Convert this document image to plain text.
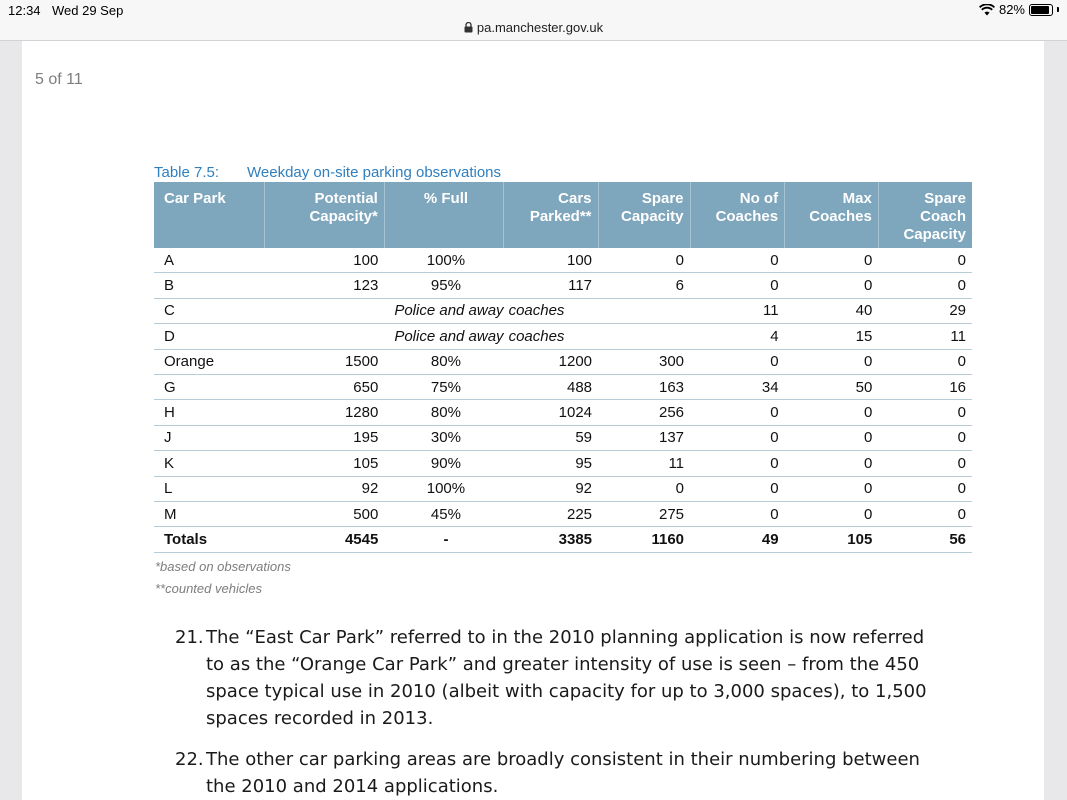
12:34 Wed 29 Sep	82%
pa.manchester.gov.uk
5 of 11
Table 7.5: Weekday on-site parking observations
Car Park	Potential Capacity*	% Full	Cars Parked**	Spare Capacity	No of Coaches	Max Coaches	Spare Coach Capacity
A	100	100%	100	0	0	0	0
B	123	95%	117	6	0	0	0
C		Police and away	coaches		11	40	29
D		Police and away	coaches		4	15	11
Orange	1500	80%	1200	300	0	0	0
G	650	75%	488	163	34	50	16
H	1280	80%	1024	256	0	0	0
J	195	30%	59	137	0	0	0
K	105	90%	95	11	0	0	0
L	92	100%	92	0	0	0	0
M	500	45%	225	275	0	0	0
Totals	4545	-	3385	1160	49	105	56
*based on observations
**counted vehicles
21. The “East Car Park” referred to in the 2010 planning application is now referred to as the “Orange Car Park” and greater intensity of use is seen – from the 450 space typical use in 2010 (albeit with capacity for up to 3,000 spaces), to 1,500 spaces recorded in 2013.
22. The other car parking areas are broadly consistent in their numbering between the 2010 and 2014 applications.
